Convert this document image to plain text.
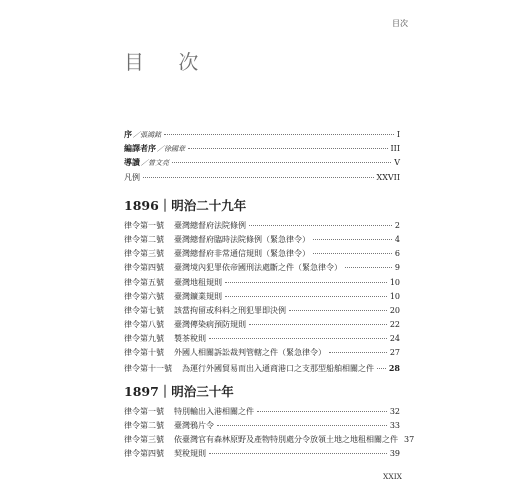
目次
目 次
序 ／張鴻銘	I
編譯者序 ／徐國章	III
導讀 ／曾文亮	V
凡例	XXVII
1896｜明治二十九年
律令第一號 臺灣總督府法院條例	2
律令第二號 臺灣總督府臨時法院條例（緊急律令）	4
律令第三號 臺灣總督府非常通信規則（緊急律令）	6
律令第四號 臺灣境內犯罪依帝國刑法處斷之件（緊急律令）	9
律令第五號 臺灣地租規則	10
律令第六號 臺灣鑛業規則	10
律令第七號 該當拘留或科料之刑犯罪即決例	20
律令第八號 臺灣傳染病預防規則	22
律令第九號 製茶稅則	24
律令第十號 外國人相關訴訟裁判管轄之件（緊急律令）	27
律令第十一號 為運行外國貿易而出入通商港口之支那型船舶相關之件 28
1897｜明治三十年
律令第一號 特別輸出入港相關之件	32
律令第二號 臺灣鴉片令	33
律令第三號 依臺灣官有森林原野及產物特別處分令放領土地之地租相關之件 37
律令第四號 契稅規則	39
XXIX
